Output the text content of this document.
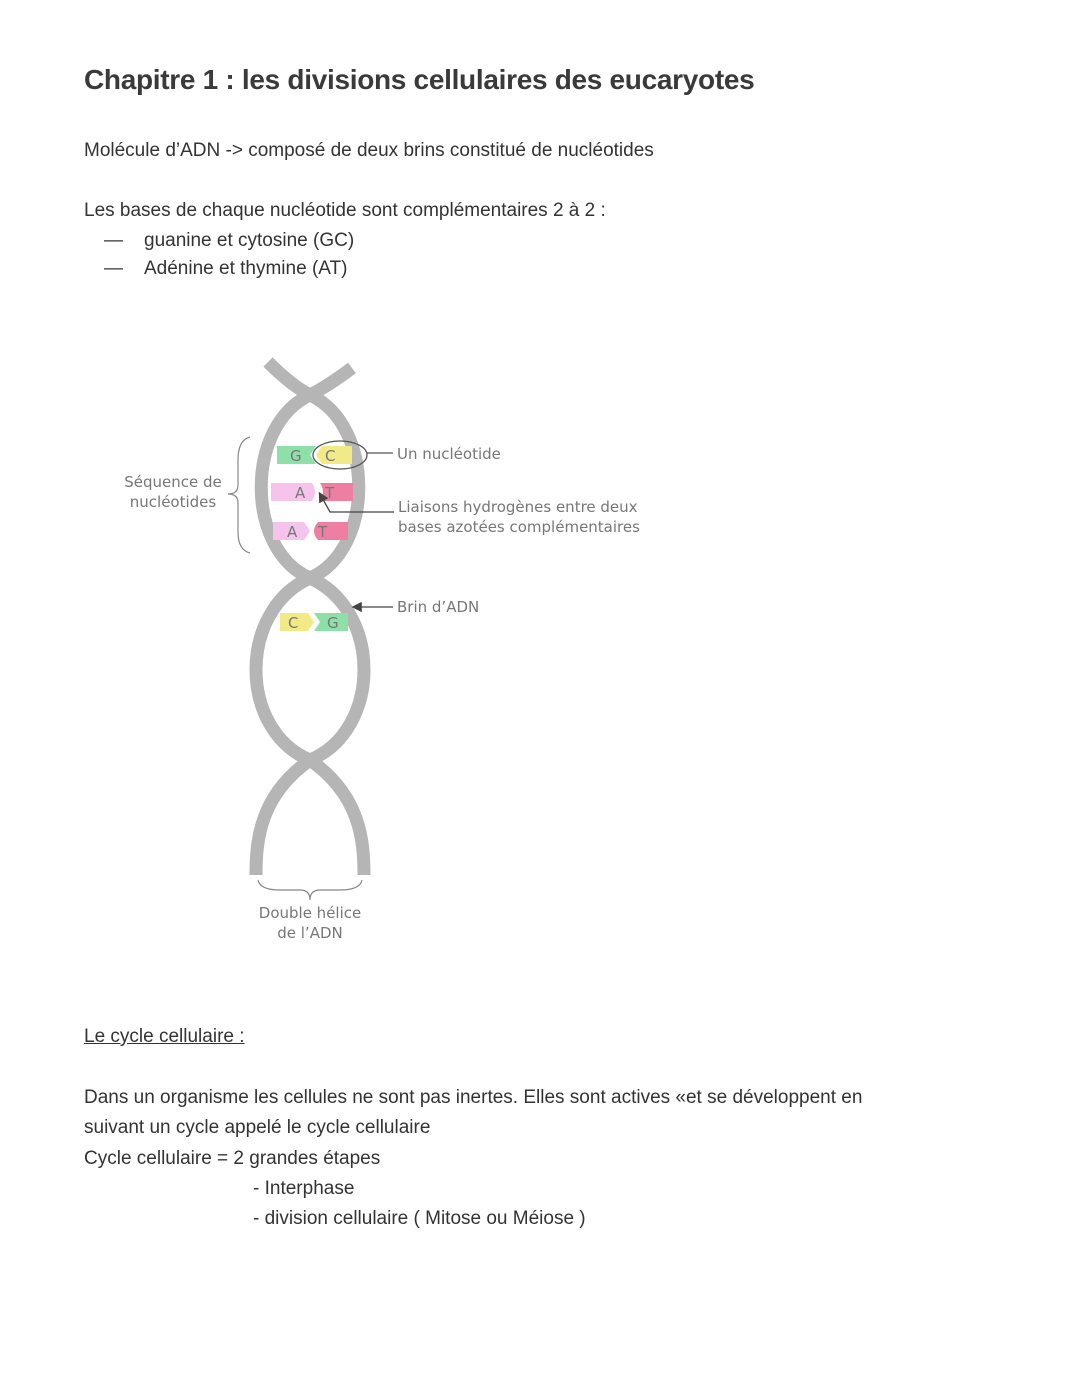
Chapitre 1 : les divisions cellulaires des eucaryotes
Molécule d’ADN -> composé de deux brins constitué de nucléotides
Les bases de chaque nucléotide sont complémentaires 2 à 2 :
— guanine et cytosine (GC)
— Adénine et thymine (AT)
G C
A T
A T
C G
Un nucléotide
Liaisons hydrogènes entre deux
bases azotées complémentaires
Brin d’ADN
Séquence de
nucléotides
Double hélice
de l’ADN
Le cycle cellulaire :
Dans un organisme les cellules ne sont pas inertes. Elles sont actives «et se développent en
suivant un cycle appelé le cycle cellulaire
Cycle cellulaire = 2 grandes étapes
- Interphase
- division cellulaire ( Mitose ou Méiose )
